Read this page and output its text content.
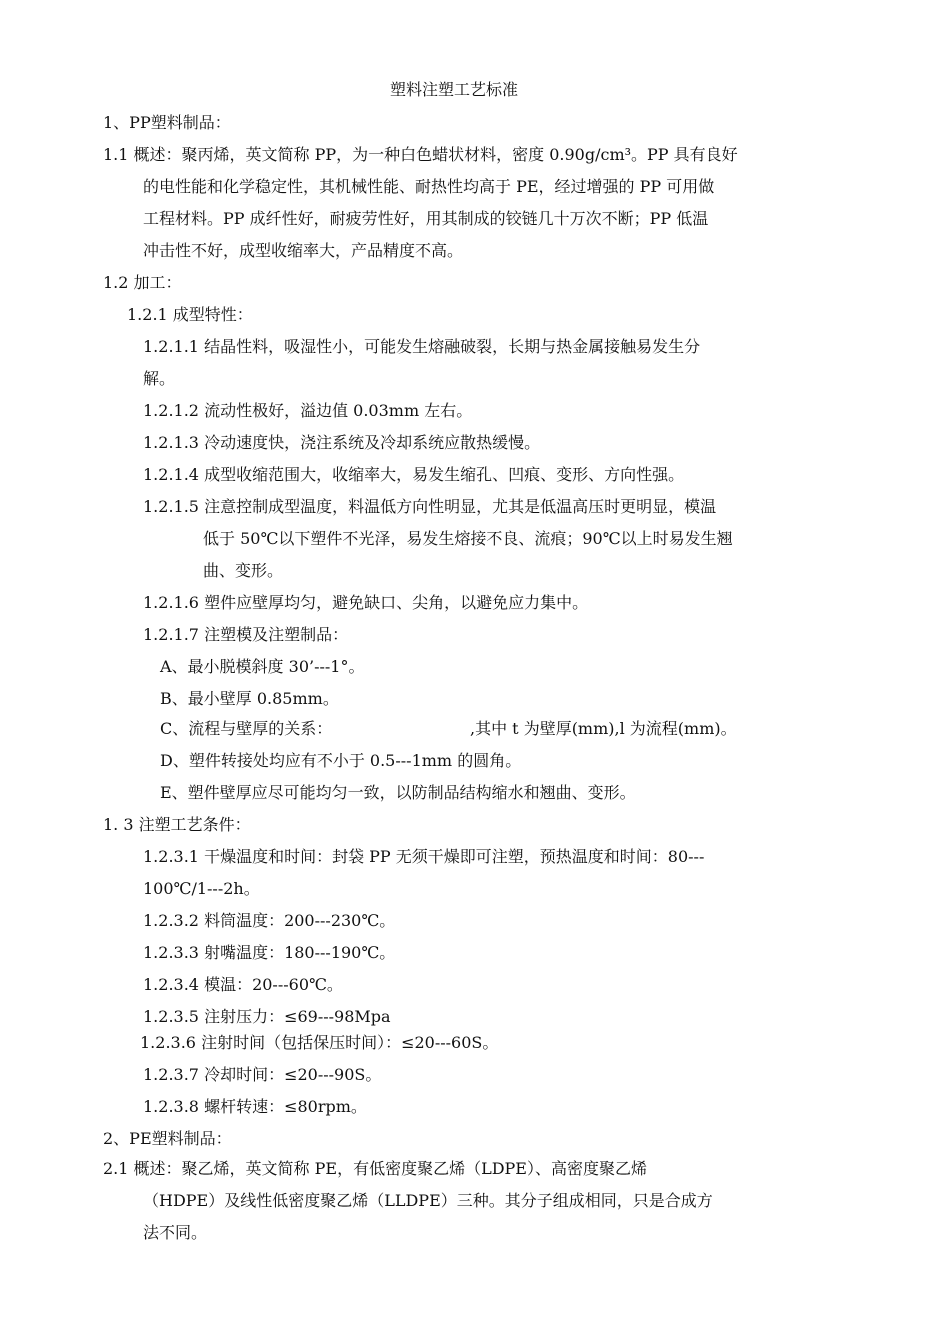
塑料注塑工艺标准
1、PP塑料制品：
1.1 概述：聚丙烯，英文简称 PP，为一种白色蜡状材料，密度 0.90g/cm³。PP 具有良好
的电性能和化学稳定性，其机械性能、耐热性均高于 PE，经过增强的 PP 可用做
工程材料。PP 成纤性好，耐疲劳性好，用其制成的铰链几十万次不断；PP 低温
冲击性不好，成型收缩率大，产品精度不高。
1.2 加工：
1.2.1 成型特性：
1.2.1.1 结晶性料，吸湿性小，可能发生熔融破裂，长期与热金属接触易发生分
解。
1.2.1.2 流动性极好，溢边值 0.03mm 左右。
1.2.1.3 冷动速度快，浇注系统及冷却系统应散热缓慢。
1.2.1.4 成型收缩范围大，收缩率大，易发生缩孔、凹痕、变形、方向性强。
1.2.1.5 注意控制成型温度，料温低方向性明显，尤其是低温高压时更明显，模温
低于 50℃以下塑件不光泽，易发生熔接不良、流痕；90℃以上时易发生翘
曲、变形。
1.2.1.6 塑件应壁厚均匀，避免缺口、尖角，以避免应力集中。
1.2.1.7 注塑模及注塑制品：
A、最小脱模斜度 30’---1°。
B、最小壁厚 0.85mm。
C、流程与壁厚的关系：	,其中 t 为壁厚(mm),l 为流程(mm)。
D、塑件转接处均应有不小于 0.5---1mm 的圆角。
E、塑件壁厚应尽可能均匀一致，以防制品结构缩水和翘曲、变形。
1. 3 注塑工艺条件：
1.2.3.1 干燥温度和时间：封袋 PP 无须干燥即可注塑，预热温度和时间：80---
100℃/1---2h。
1.2.3.2 料筒温度：200---230℃。
1.2.3.3 射嘴温度：180---190℃。
1.2.3.4 模温：20---60℃。
1.2.3.5 注射压力：≤69---98Mpa
1.2.3.6 注射时间（包括保压时间）：≤20---60S。
1.2.3.7 冷却时间：≤20---90S。
1.2.3.8 螺杆转速：≤80rpm。
2、PE塑料制品：
2.1 概述：聚乙烯，英文简称 PE，有低密度聚乙烯（LDPE）、高密度聚乙烯
（HDPE）及线性低密度聚乙烯（LLDPE）三种。其分子组成相同，只是合成方
法不同。
